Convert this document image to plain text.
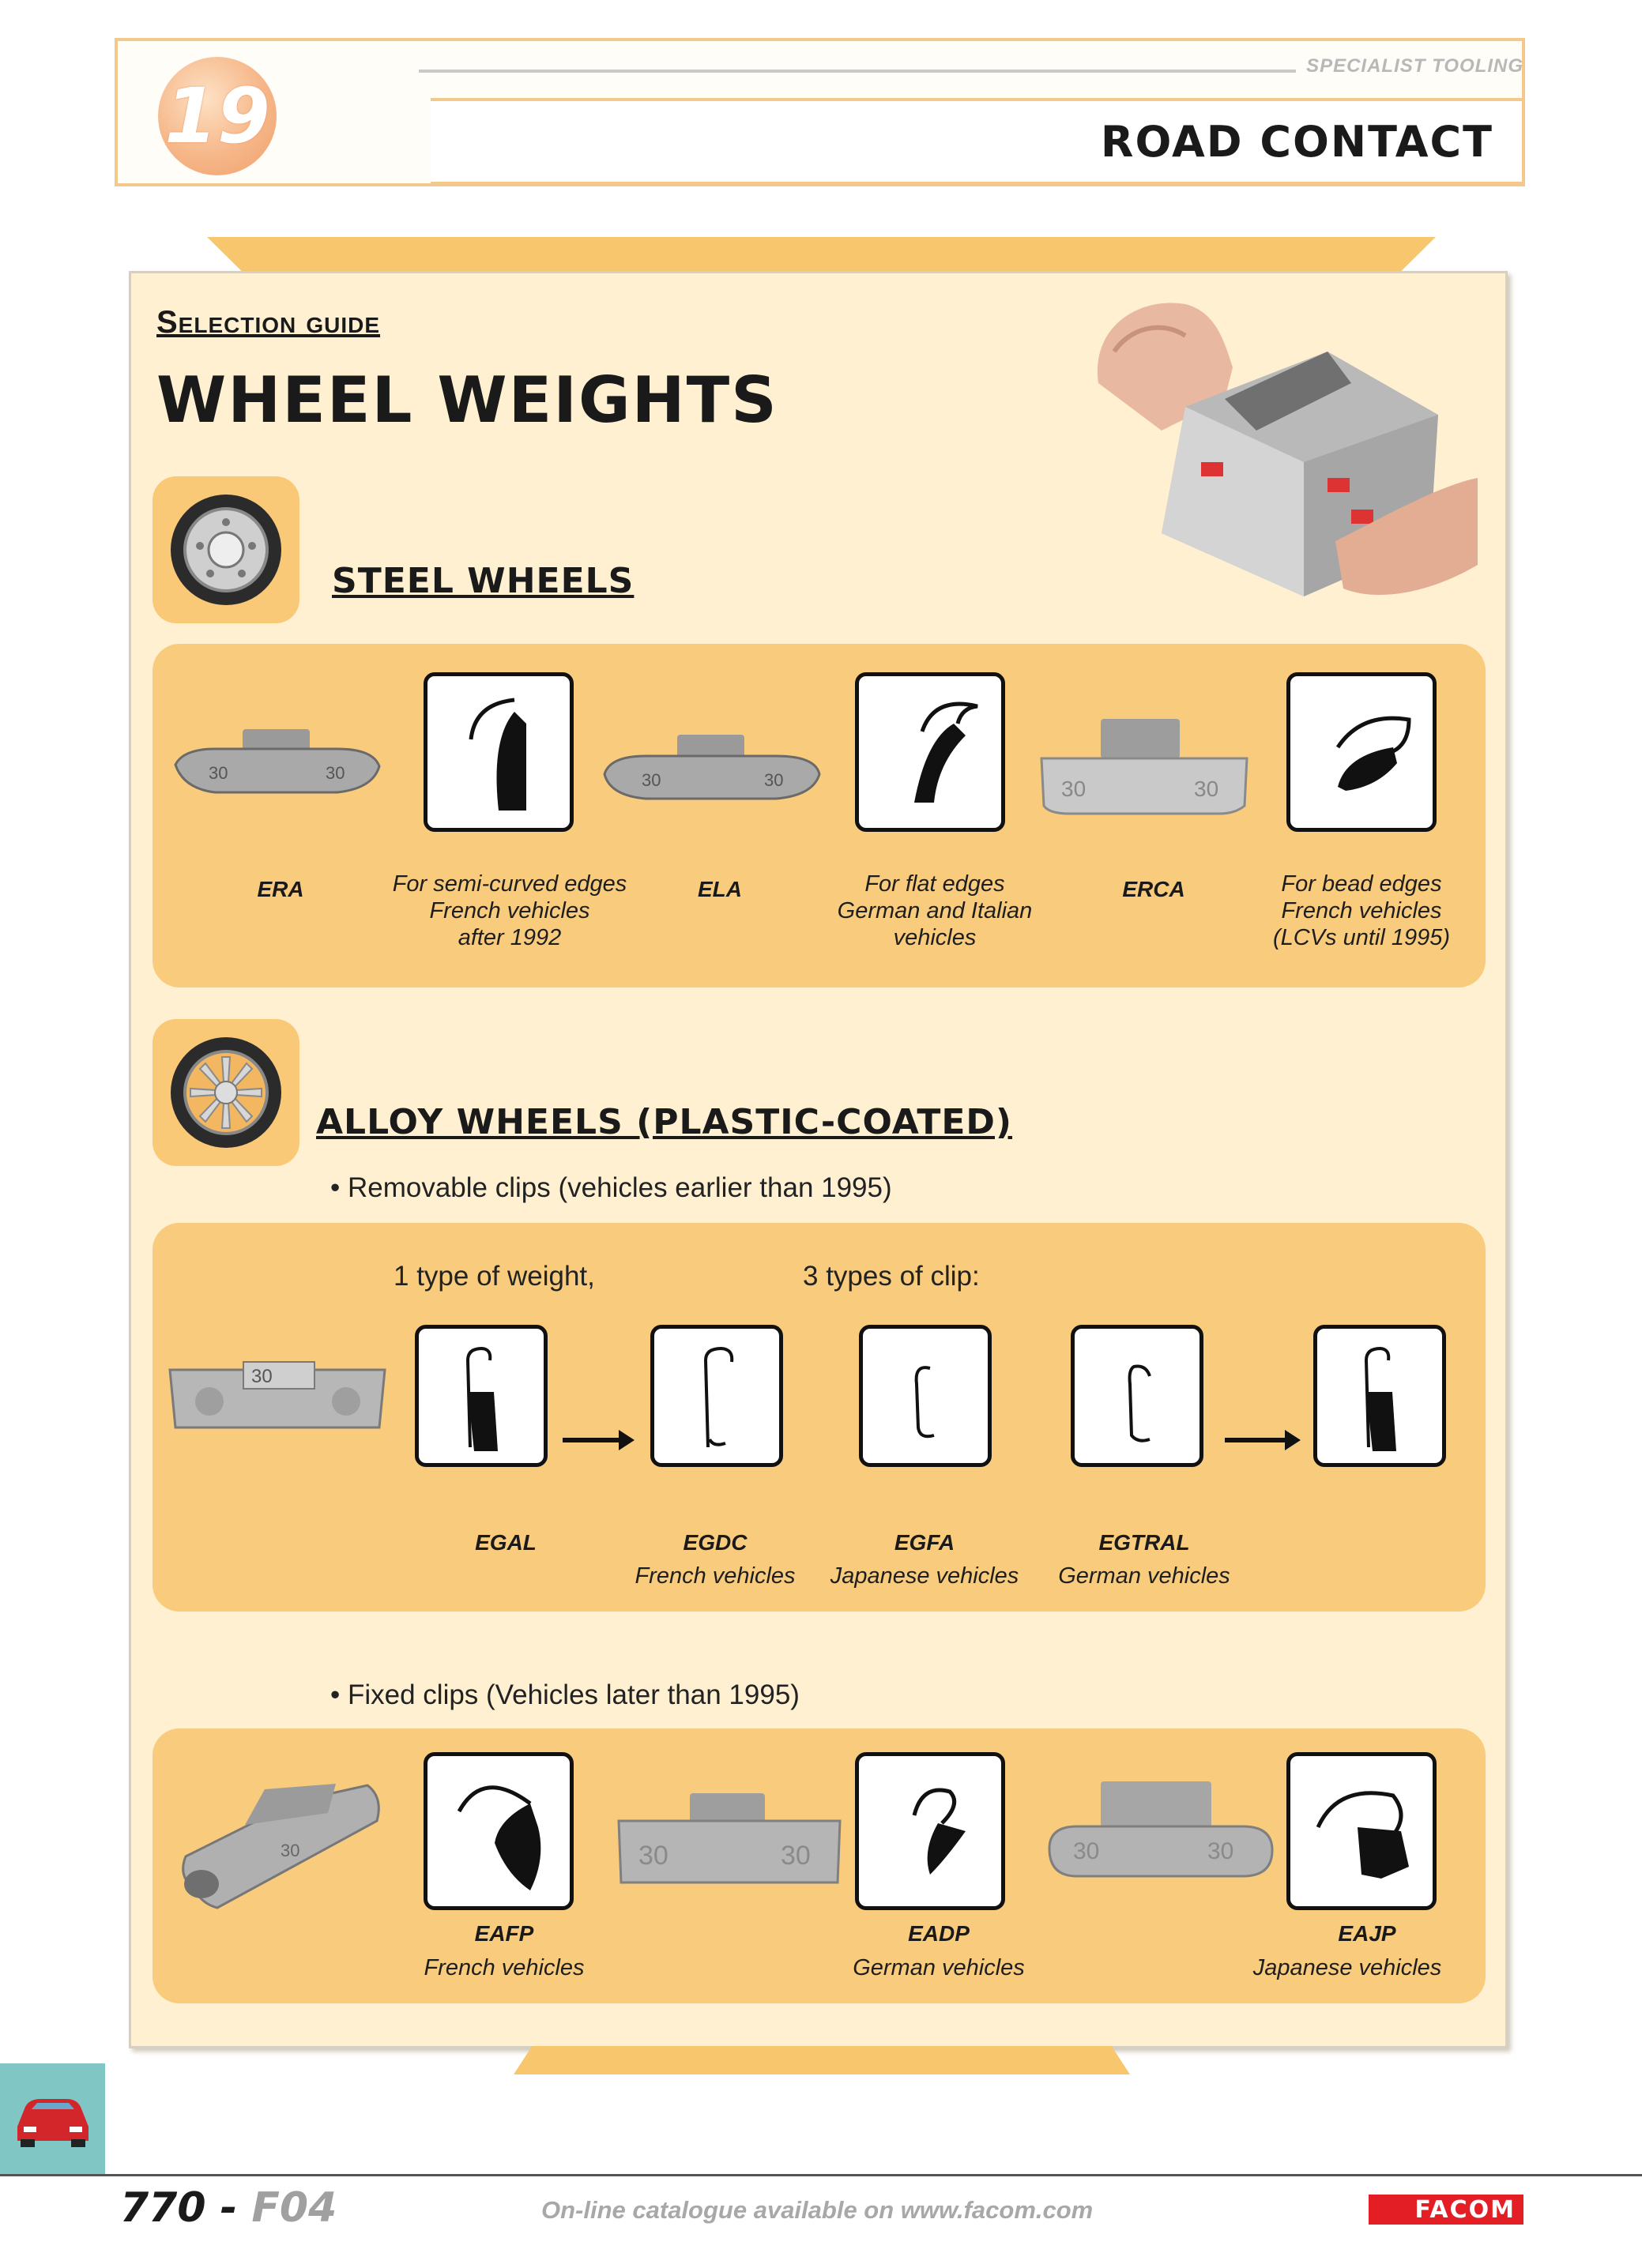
19
SPECIALIST TOOLING
ROAD CONTACT
Selection guide
WHEEL WEIGHTS
STEEL WHEELS
30	30
ERA	For semi-curved edges
French vehicles
after 1992
30	30
ELA	For flat edges
German and Italian
vehicles
30	30
ERCA	For bead edges
French vehicles
(LCVs until 1995)
ALLOY WHEELS (PLASTIC-COATED)
• Removable clips (vehicles earlier than 1995)
1 type of weight,	3 types of clip:
30
EGAL	EGDC
French vehicles
EGFA
Japanese vehicles
EGTRAL
German vehicles
• Fixed clips (Vehicles later than 1995)
30
EAFP
French vehicles
30	30
EADP
German vehicles
30	30
EAJP
Japanese vehicles
770 - F04	On-line catalogue available on www.facom.com	FACOM
